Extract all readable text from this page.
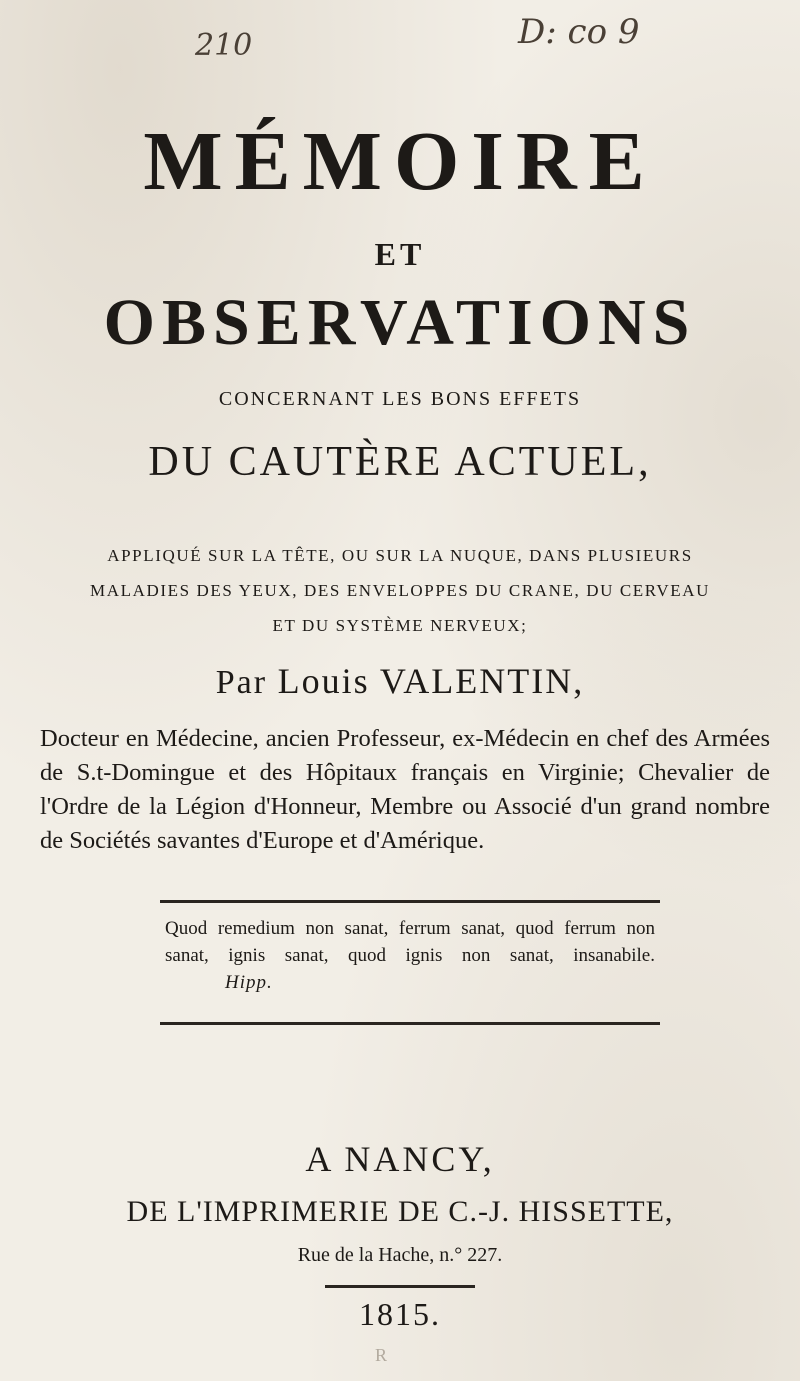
210	D: co 9
MÉMOIRE
ET
OBSERVATIONS
CONCERNANT LES BONS EFFETS
DU CAUTÈRE ACTUEL,
APPLIQUÉ SUR LA TÊTE, OU SUR LA NUQUE, DANS PLUSIEURS MALADIES DES YEUX, DES ENVELOPPES DU CRANE, DU CERVEAU ET DU SYSTÈME NERVEUX;
Par Louis VALENTIN,
Docteur en Médecine, ancien Professeur, ex-Médecin en chef des Armées de S.t-Domingue et des Hôpitaux français en Virginie; Chevalier de l'Ordre de la Légion d'Honneur, Membre ou Associé d'un grand nombre de Sociétés savantes d'Europe et d'Amérique.
Quod remedium non sanat, ferrum sanat, quod ferrum non sanat, ignis sanat, quod ignis non sanat, insanabile. Hipp.
A NANCY,
DE L'IMPRIMERIE DE C.-J. HISSETTE,
Rue de la Hache, n.° 227.
1815.
R
